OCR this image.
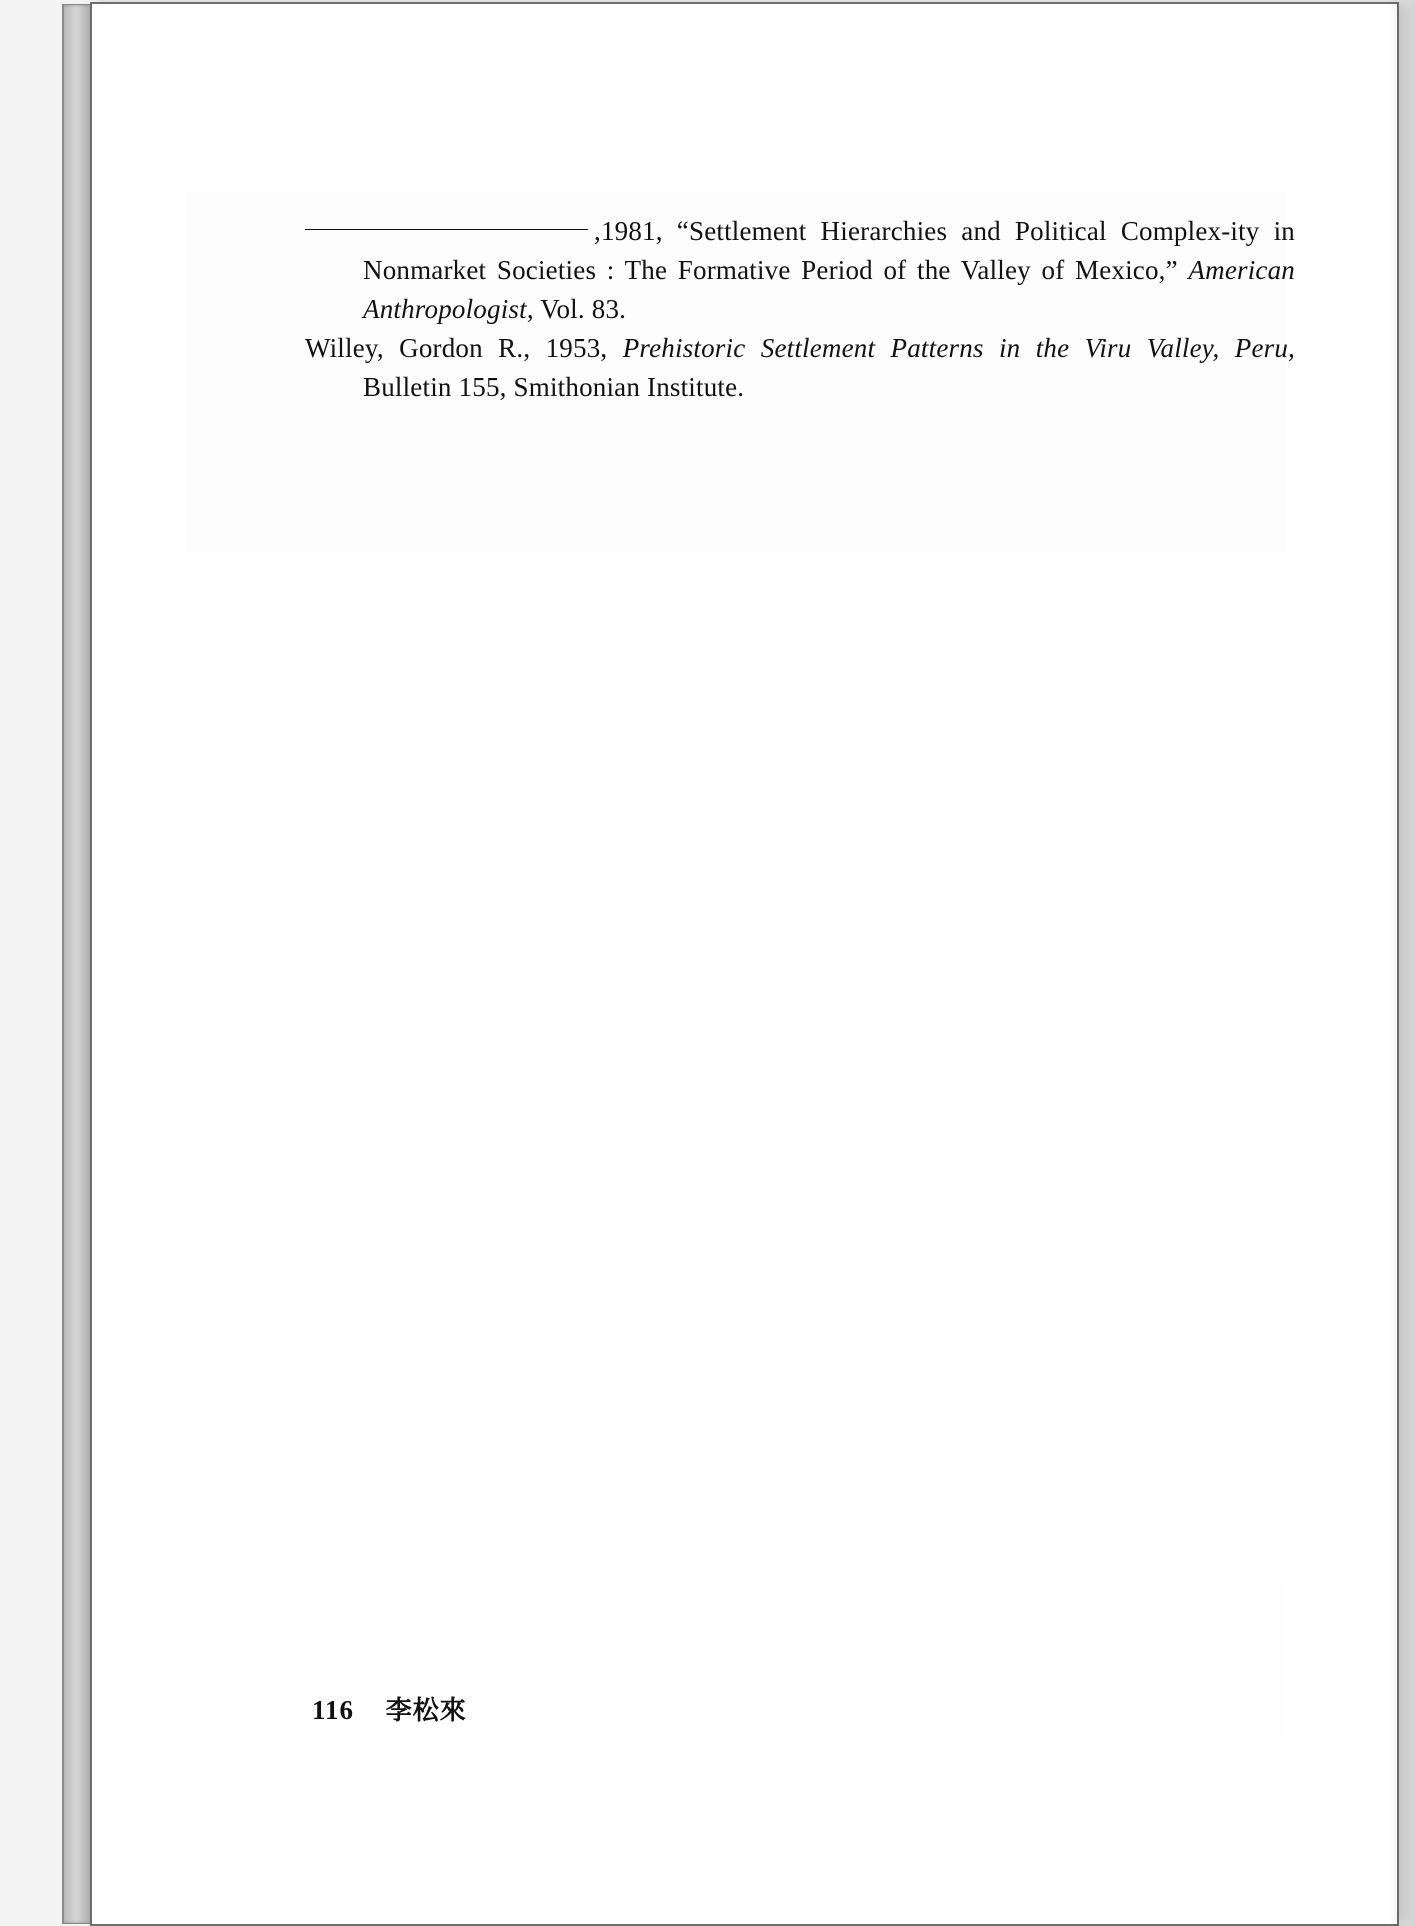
,1981, “Settlement Hierarchies and Political Complex-ity in Nonmarket Societies : The Formative Period of the Valley of Mexico,” American Anthropologist, Vol. 83.

Willey, Gordon R., 1953, Prehistoric Settlement Patterns in the Viru Valley, Peru, Bulletin 155, Smithonian Institute.

116 李松來
